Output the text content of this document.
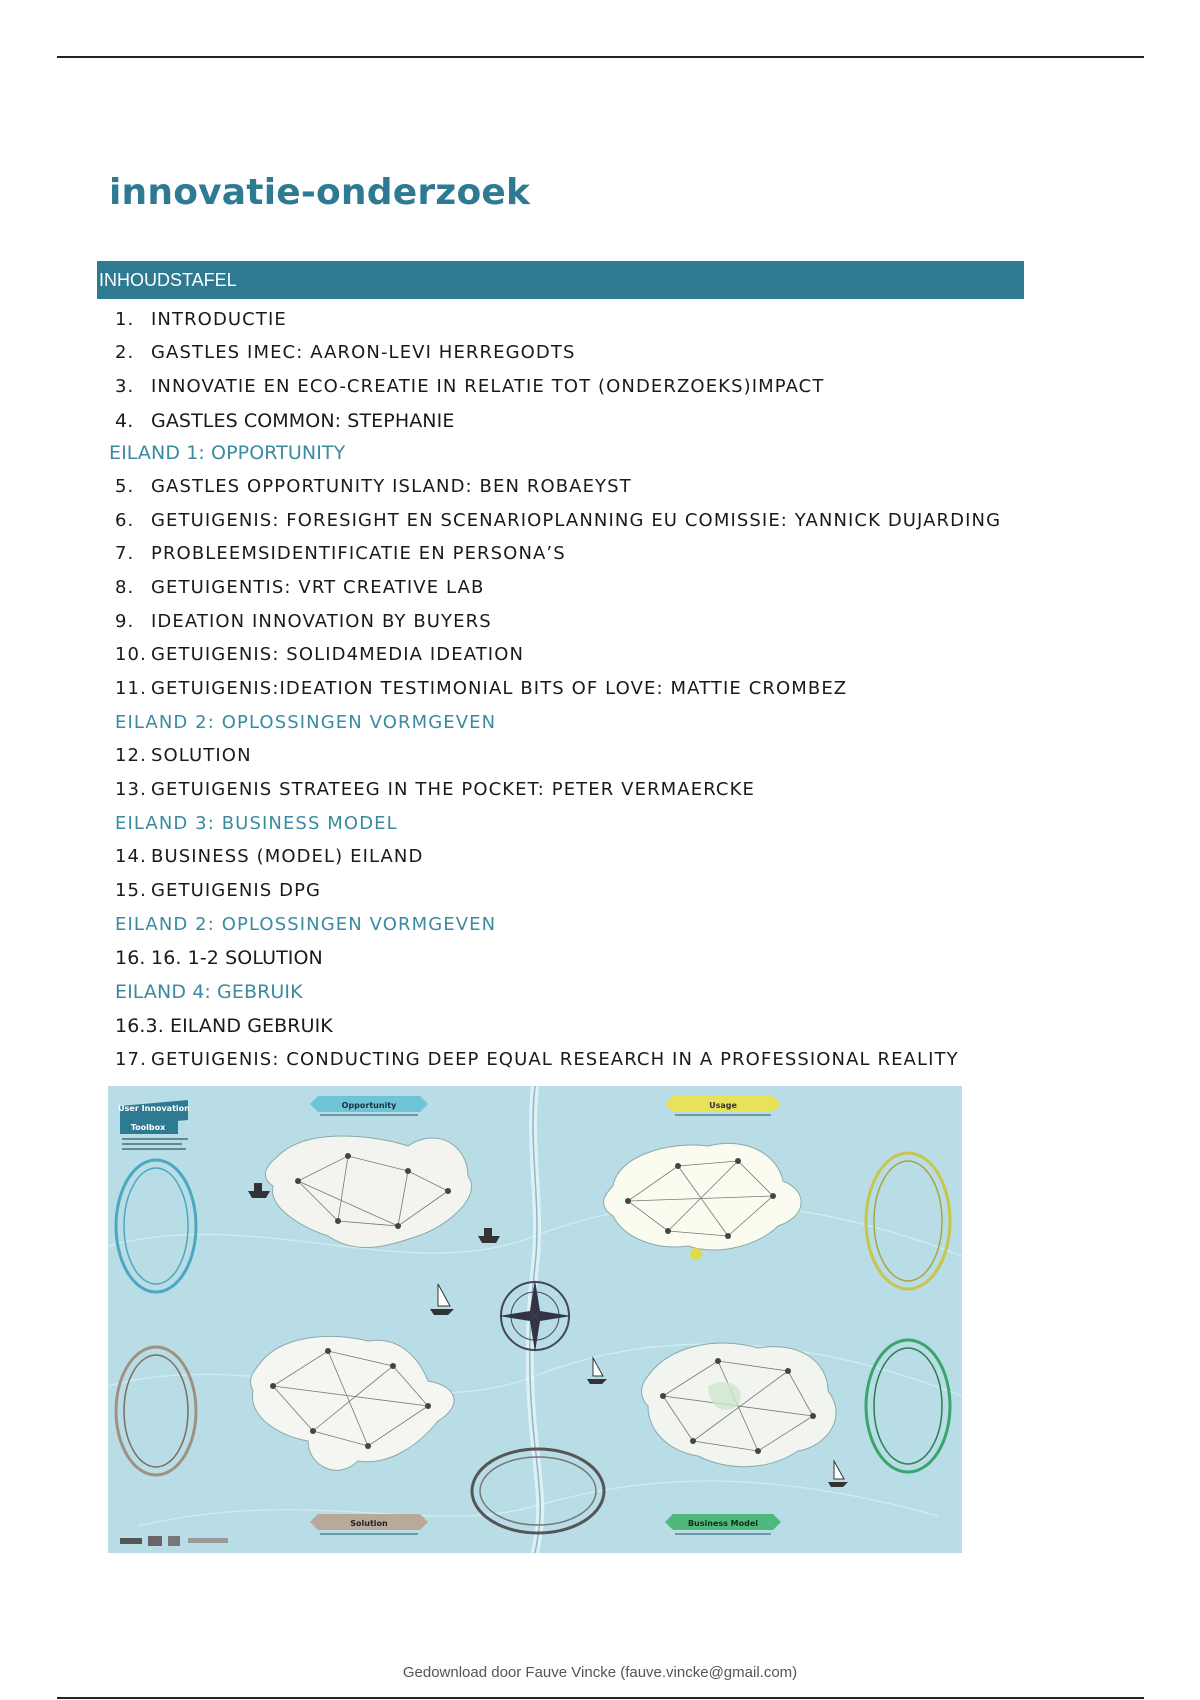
innovatie-onderzoek
INHOUDSTAFEL
1. INTRODUCTIE
2. GASTLES IMEC: AARON-LEVI HERREGODTS
3. INNOVATIE EN ECO-CREATIE IN RELATIE TOT (ONDERZOEKS)IMPACT
4. GASTLES COMMON: STEPHANIE
EILAND 1: OPPORTUNITY
5. GASTLES OPPORTUNITY ISLAND: BEN ROBAEYST
6. GETUIGENIS: FORESIGHT EN SCENARIOPLANNING EU COMISSIE: YANNICK DUJARDING
7. PROBLEEMSIDENTIFICATIE EN PERSONA’S
8. GETUIGENTIS: VRT CREATIVE LAB
9. IDEATION INNOVATION BY BUYERS
10. GETUIGENIS: SOLID4MEDIA IDEATION
11. GETUIGENIS:IDEATION TESTIMONIAL BITS OF LOVE: MATTIE CROMBEZ
EILAND 2: OPLOSSINGEN VORMGEVEN
12. SOLUTION
13. GETUIGENIS STRATEEG IN THE POCKET: PETER VERMAERCKE
EILAND 3: BUSINESS MODEL
14. BUSINESS (MODEL) EILAND
15. GETUIGENIS DPG
EILAND 2: OPLOSSINGEN VORMGEVEN
16. 16. 1-2 SOLUTION
EILAND 4: GEBRUIK
16.3. EILAND GEBRUIK
17. GETUIGENIS: CONDUCTING DEEP EQUAL RESEARCH IN A PROFESSIONAL REALITY
User Innovation
Toolbox
Opportunity	Usage
Solution	Business Model
Gedownload door Fauve Vincke (fauve.vincke@gmail.com)
